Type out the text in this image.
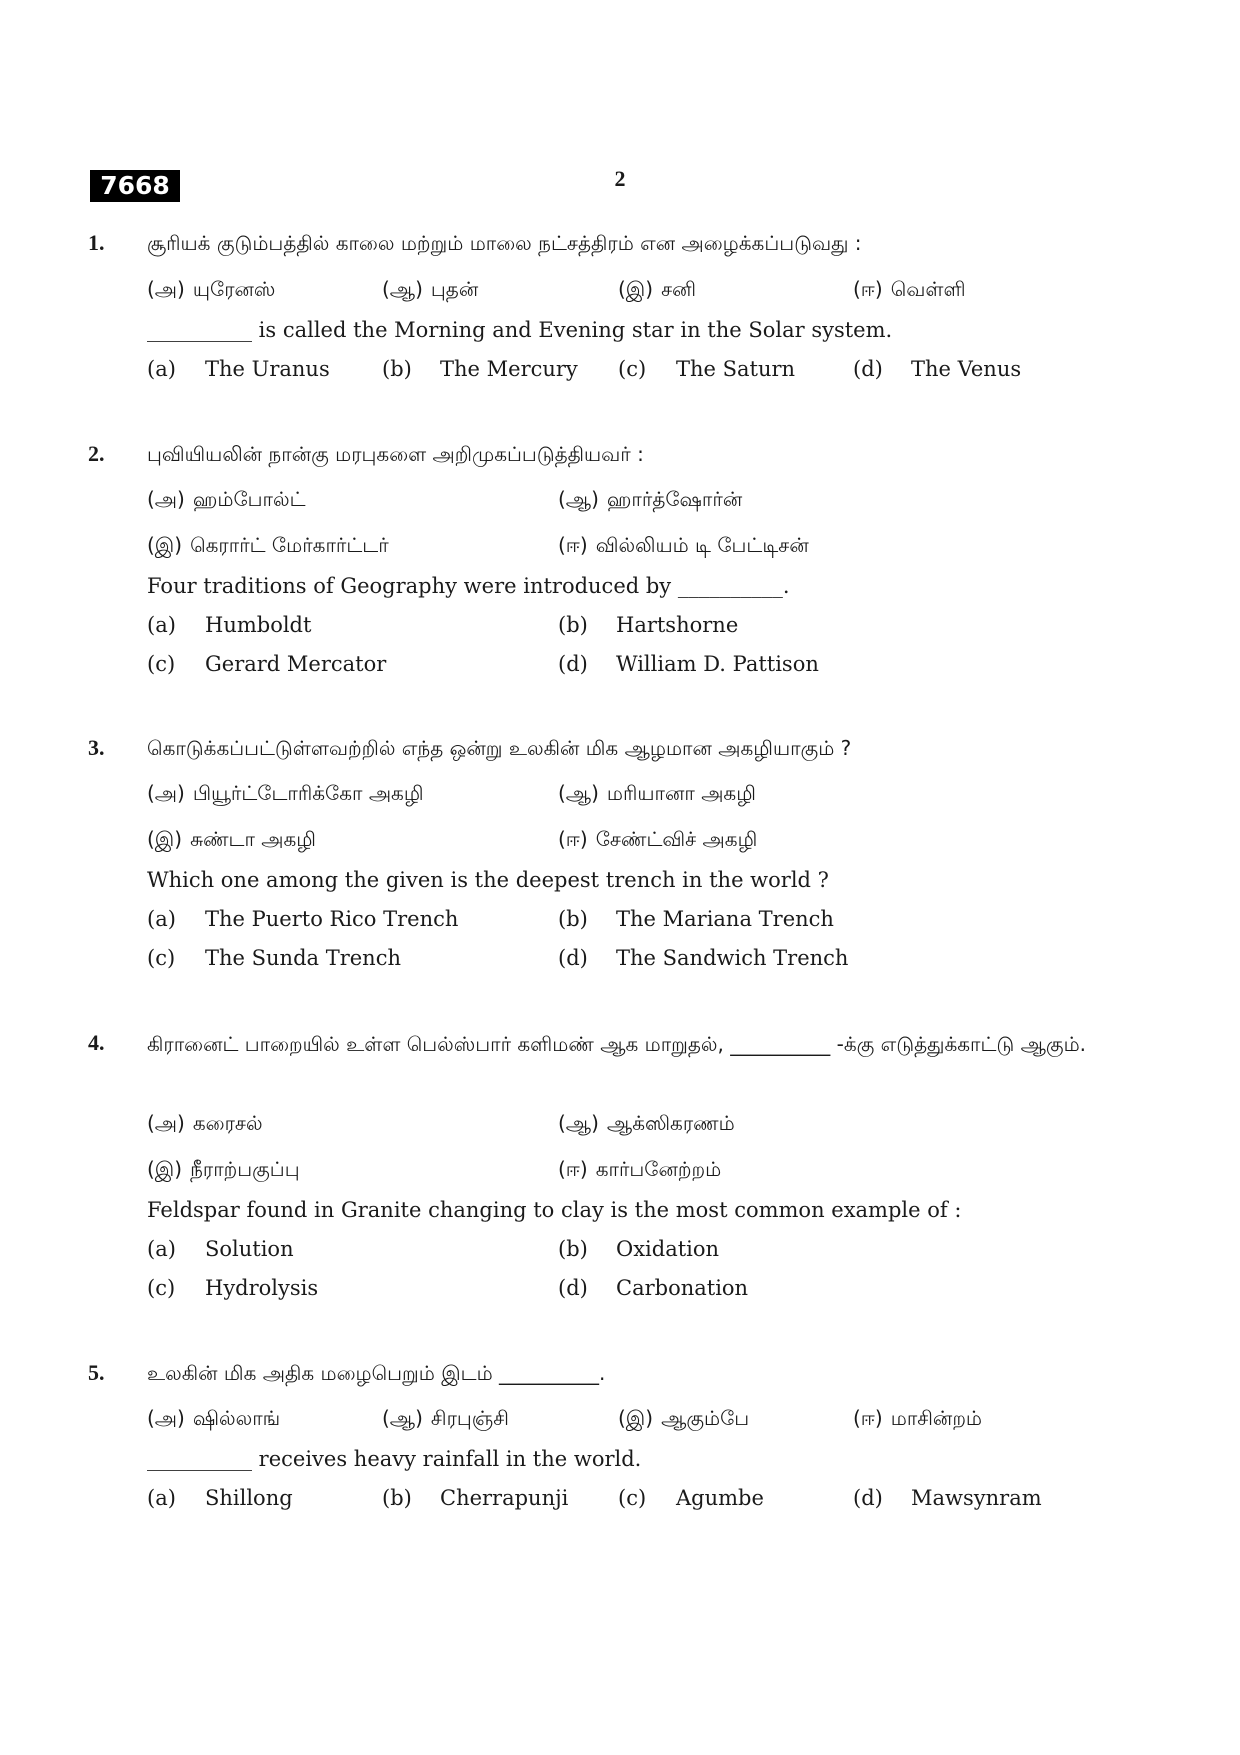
7668	2
1. சூரியக் குடும்பத்தில் காலை மற்றும் மாலை நட்சத்திரம் என அழைக்கப்படுவது :
(அ) யுரேனஸ்	(ஆ) புதன்	(இ) சனி	(ஈ) வெள்ளி
__________ is called the Morning and Evening star in the Solar system.
(a) The Uranus (b) The Mercury (c) The Saturn	(d) The Venus
2. புவியியலின் நான்கு மரபுகளை அறிமுகப்படுத்தியவர் :
(அ) ஹம்போல்ட்	(ஆ) ஹார்த்ஷோர்ன்
(இ) கெரார்ட் மேர்கார்ட்டர்	(ஈ) வில்லியம் டி பேட்டிசன்
Four traditions of Geography were introduced by __________.
(a) Humboldt	(b) Hartshorne
(c) Gerard Mercator	(d) William D. Pattison
3. கொடுக்கப்பட்டுள்ளவற்றில் எந்த ஒன்று உலகின் மிக ஆழமான அகழியாகும் ?
(அ) பியூர்ட்டோரிக்கோ அகழி	(ஆ) மரியானா அகழி
(இ) சுண்டா அகழி	(ஈ) சேண்ட்விச் அகழி
Which one among the given is the deepest trench in the world ?
(a) The Puerto Rico Trench	(b) The Mariana Trench
(c) The Sunda Trench	(d) The Sandwich Trench
4. கிரானைட் பாறையில் உள்ள பெல்ஸ்பார் களிமண் ஆக மாறுதல், __________ -க்கு எடுத்துக்காட்டு ஆகும்.
(அ) கரைசல்	(ஆ) ஆக்ஸிகரணம்
(இ) நீராற்பகுப்பு	(ஈ) கார்பனேற்றம்
Feldspar found in Granite changing to clay is the most common example of :
(a) Solution	(b) Oxidation
(c) Hydrolysis	(d) Carbonation
5. உலகின் மிக அதிக மழைபெறும் இடம் __________.
(அ) ஷில்லாங்	(ஆ) சிரபுஞ்சி	(இ) ஆகும்பே	(ஈ) மாசின்றம்
__________ receives heavy rainfall in the world.
(a) Shillong	(b) Cherrapunji (c) Agumbe	(d) Mawsynram
